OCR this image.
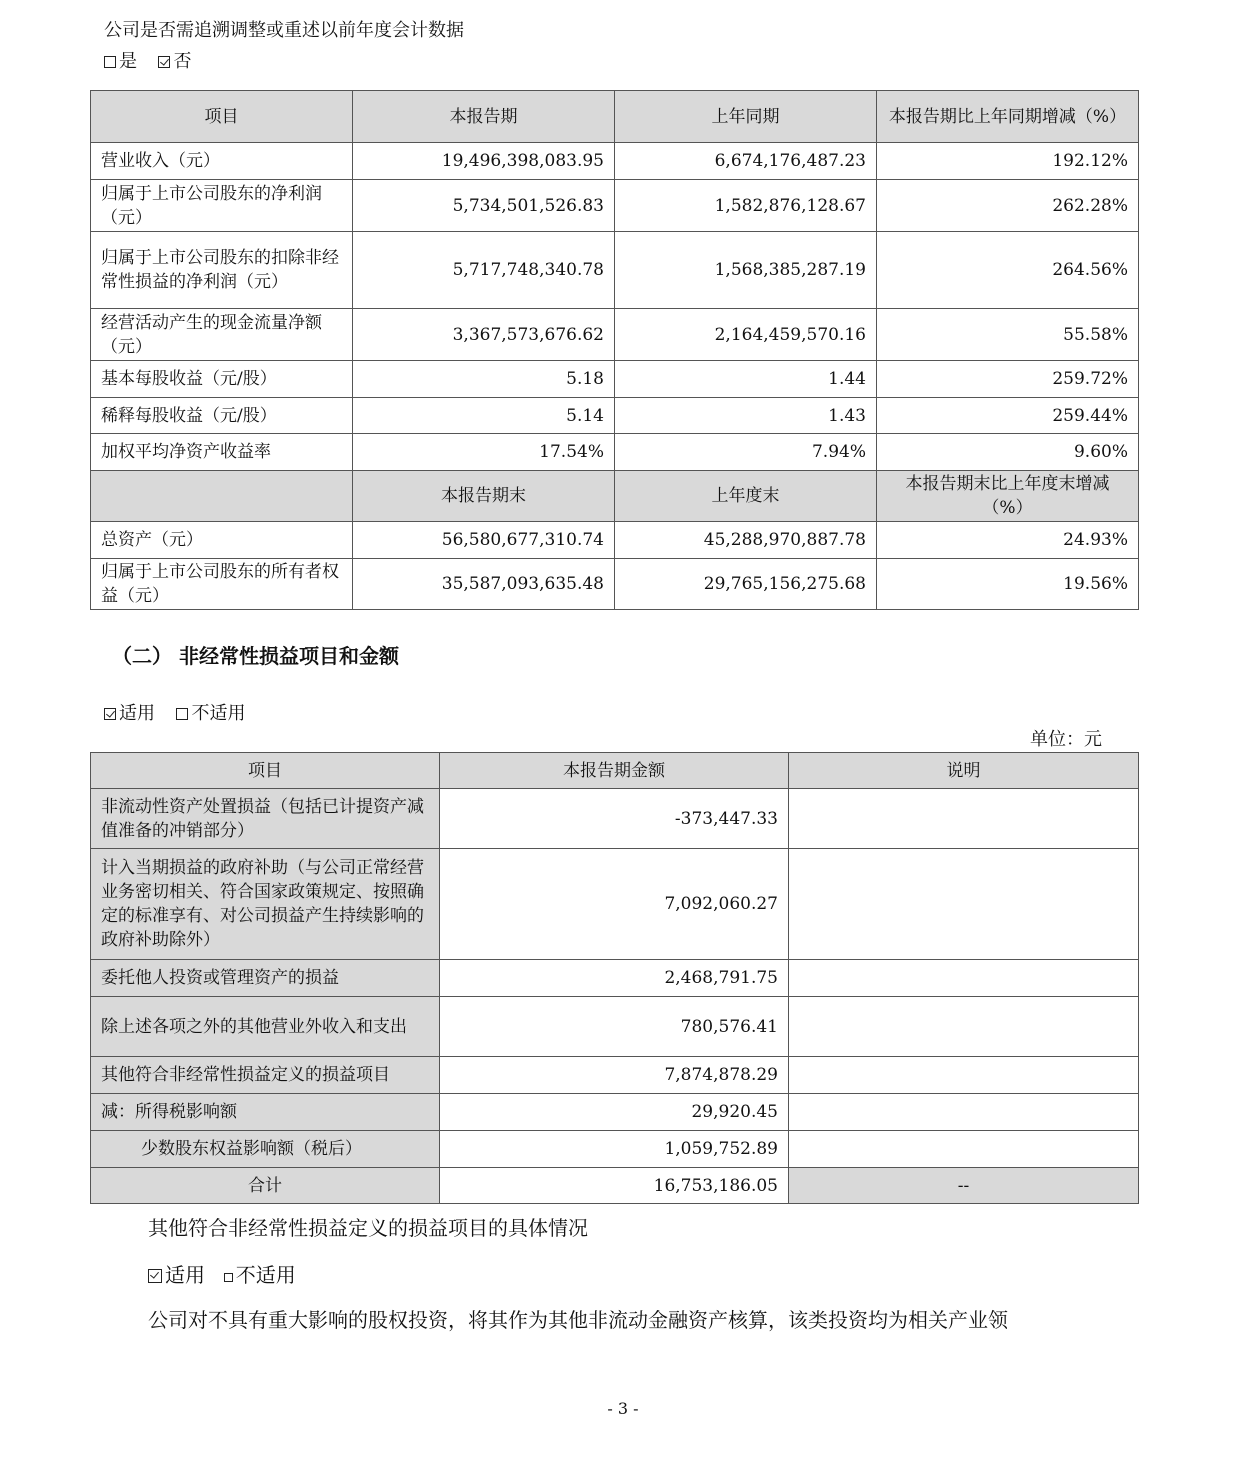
公司是否需追溯调整或重述以前年度会计数据
是 否
项目	本报告期	上年同期	本报告期比上年同期增减（%）
营业收入（元）	19,496,398,083.95	6,674,176,487.23	192.12%
归属于上市公司股东的净利润（元）	5,734,501,526.83	1,582,876,128.67	262.28%
归属于上市公司股东的扣除非经常性损益的净利润（元）	5,717,748,340.78	1,568,385,287.19	264.56%
经营活动产生的现金流量净额（元）	3,367,573,676.62	2,164,459,570.16	55.58%
基本每股收益（元/股）	5.18	1.44	259.72%
稀释每股收益（元/股）	5.14	1.43	259.44%
加权平均净资产收益率	17.54%	7.94%	9.60%
	本报告期末	上年度末	本报告期末比上年度末增减（%）
总资产（元）	56,580,677,310.74	45,288,970,887.78	24.93%
归属于上市公司股东的所有者权益（元）	35,587,093,635.48	29,765,156,275.68	19.56%
（二） 非经常性损益项目和金额
适用 不适用
单位：元
项目	本报告期金额	说明
非流动性资产处置损益（包括已计提资产减值准备的冲销部分）	-373,447.33	
计入当期损益的政府补助（与公司正常经营业务密切相关、符合国家政策规定、按照确定的标准享有、对公司损益产生持续影响的政府补助除外）	7,092,060.27	
委托他人投资或管理资产的损益	2,468,791.75	
除上述各项之外的其他营业外收入和支出	780,576.41	
其他符合非经常性损益定义的损益项目	7,874,878.29	
减：所得税影响额	29,920.45	
少数股东权益影响额（税后）	1,059,752.89	
合计	16,753,186.05	--
其他符合非经常性损益定义的损益项目的具体情况
适用 不适用
公司对不具有重大影响的股权投资，将其作为其他非流动金融资产核算，该类投资均为相关产业领
- 3 -
